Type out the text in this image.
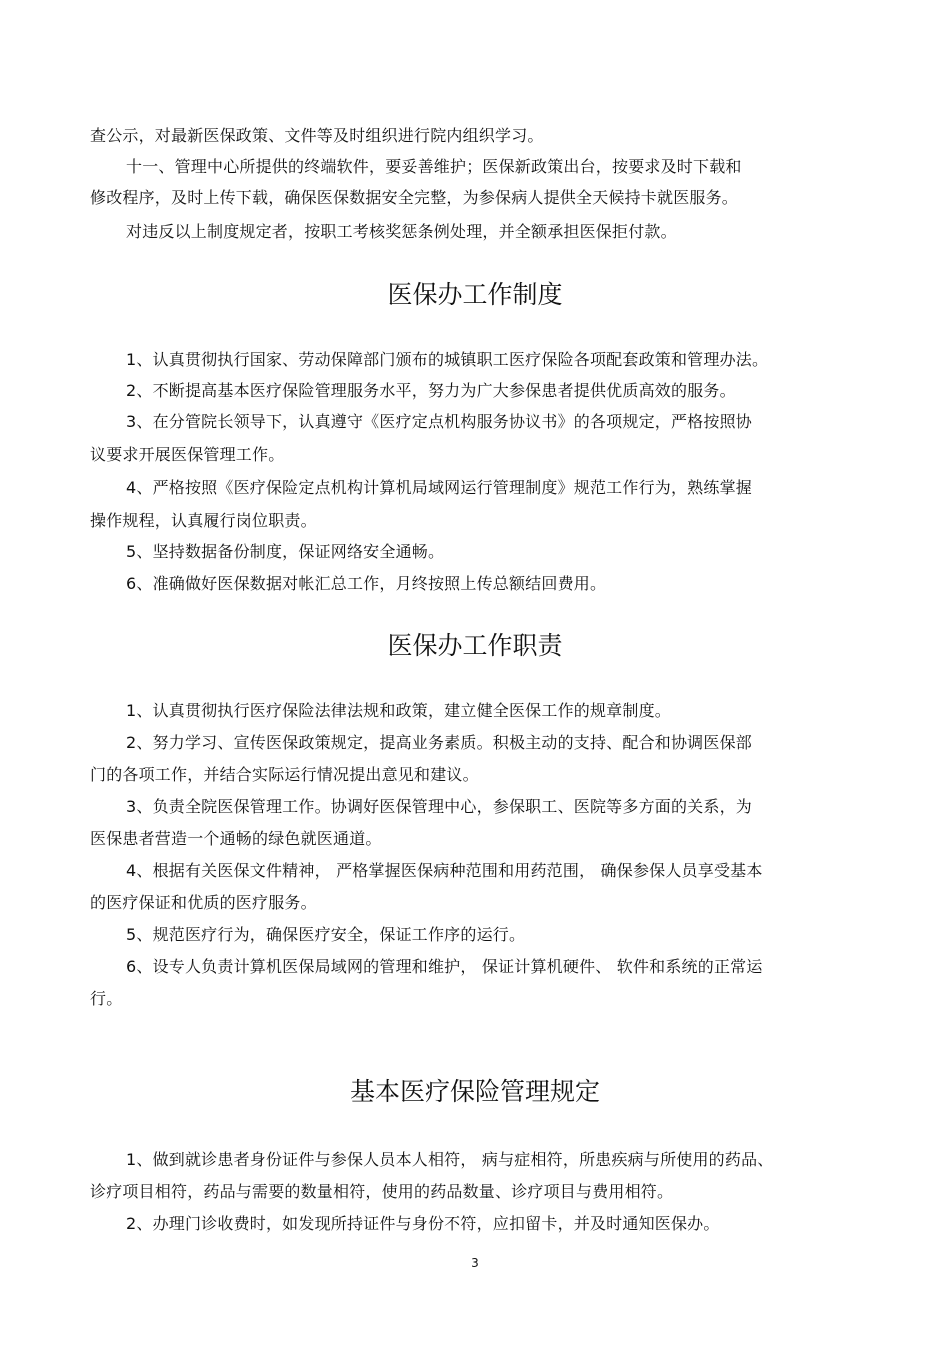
查公示，对最新医保政策、文件等及时组织进行院内组织学习。
十一、管理中心所提供的终端软件，要妥善维护；医保新政策出台，按要求及时下载和
修改程序，及时上传下载，确保医保数据安全完整，为参保病人提供全天候持卡就医服务。
对违反以上制度规定者，按职工考核奖惩条例处理，并全额承担医保拒付款。
医保办工作制度
1、认真贯彻执行国家、劳动保障部门颁布的城镇职工医疗保险各项配套政策和管理办法。
2、不断提高基本医疗保险管理服务水平，努力为广大参保患者提供优质高效的服务。
3、在分管院长领导下，认真遵守《医疗定点机构服务协议书》的各项规定，严格按照协
议要求开展医保管理工作。
4、严格按照《医疗保险定点机构计算机局域网运行管理制度》规范工作行为，熟练掌握
操作规程，认真履行岗位职责。
5、坚持数据备份制度，保证网络安全通畅。
6、准确做好医保数据对帐汇总工作，月终按照上传总额结回费用。
医保办工作职责
1、认真贯彻执行医疗保险法律法规和政策，建立健全医保工作的规章制度。
2、努力学习、宣传医保政策规定，提高业务素质。积极主动的支持、配合和协调医保部
门的各项工作，并结合实际运行情况提出意见和建议。
3、负责全院医保管理工作。协调好医保管理中心，参保职工、医院等多方面的关系，为
医保患者营造一个通畅的绿色就医通道。
4、根据有关医保文件精神， 严格掌握医保病种范围和用药范围， 确保参保人员享受基本
的医疗保证和优质的医疗服务。
5、规范医疗行为，确保医疗安全，保证工作序的运行。
6、设专人负责计算机医保局域网的管理和维护， 保证计算机硬件、 软件和系统的正常运
行。
基本医疗保险管理规定
1、做到就诊患者身份证件与参保人员本人相符， 病与症相符，所患疾病与所使用的药品、
诊疗项目相符，药品与需要的数量相符，使用的药品数量、诊疗项目与费用相符。
2、办理门诊收费时，如发现所持证件与身份不符，应扣留卡，并及时通知医保办。
3
